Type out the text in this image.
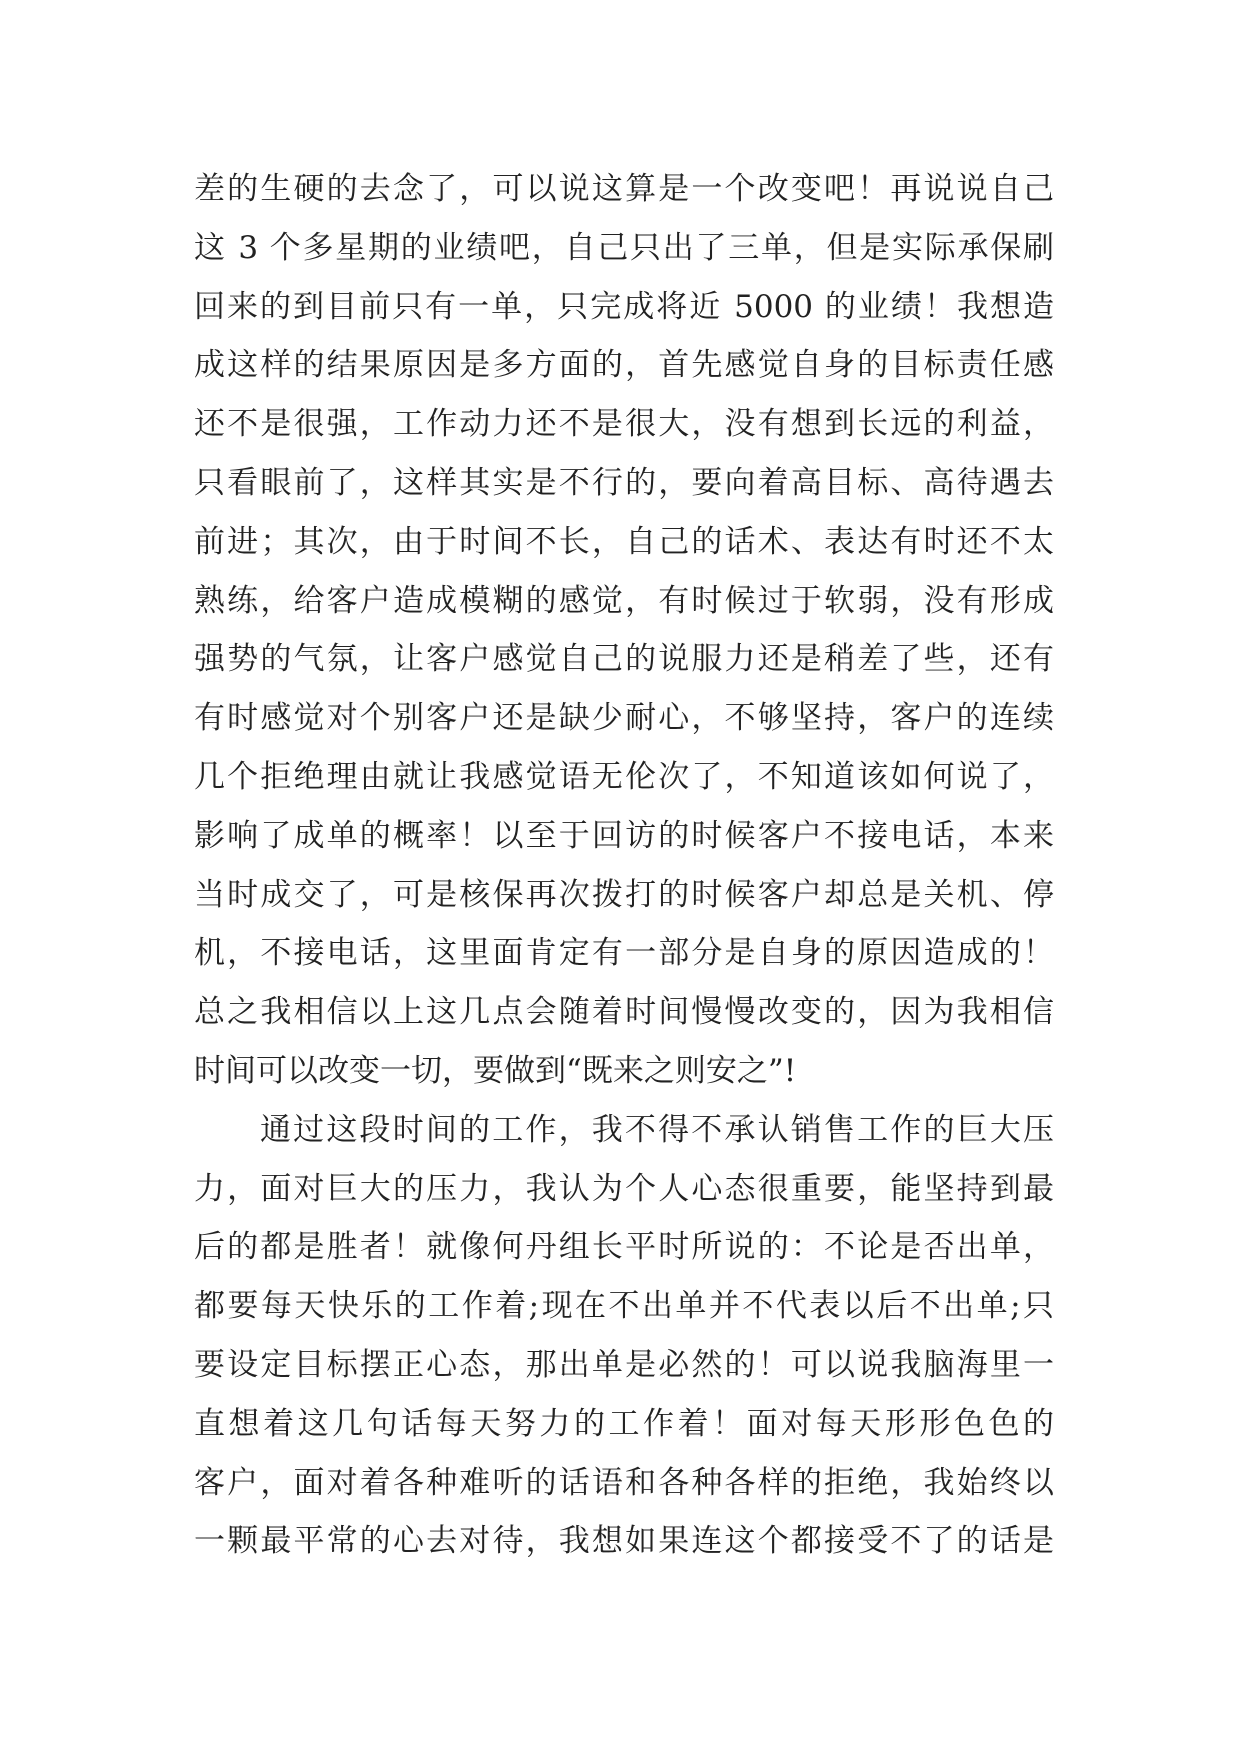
差的生硬的去念了，可以说这算是一个改变吧！再说说自己
这 3 个多星期的业绩吧，自己只出了三单，但是实际承保刷
回来的到目前只有一单，只完成将近 5000 的业绩！我想造
成这样的结果原因是多方面的，首先感觉自身的目标责任感
还不是很强，工作动力还不是很大，没有想到长远的利益，
只看眼前了，这样其实是不行的，要向着高目标、高待遇去
前进；其次，由于时间不长，自己的话术、表达有时还不太
熟练，给客户造成模糊的感觉，有时候过于软弱，没有形成
强势的气氛，让客户感觉自己的说服力还是稍差了些，还有
有时感觉对个别客户还是缺少耐心，不够坚持，客户的连续
几个拒绝理由就让我感觉语无伦次了，不知道该如何说了，
影响了成单的概率！以至于回访的时候客户不接电话，本来
当时成交了，可是核保再次拨打的时候客户却总是关机、停
机，不接电话，这里面肯定有一部分是自身的原因造成的！
总之我相信以上这几点会随着时间慢慢改变的，因为我相信
时间可以改变一切，要做到“既来之则安之”!
通过这段时间的工作，我不得不承认销售工作的巨大压
力，面对巨大的压力，我认为个人心态很重要，能坚持到最
后的都是胜者！就像何丹组长平时所说的：不论是否出单，
都要每天快乐的工作着;现在不出单并不代表以后不出单;只
要设定目标摆正心态，那出单是必然的！可以说我脑海里一
直想着这几句话每天努力的工作着！面对每天形形色色的
客户，面对着各种难听的话语和各种各样的拒绝，我始终以
一颗最平常的心去对待，我想如果连这个都接受不了的话是
